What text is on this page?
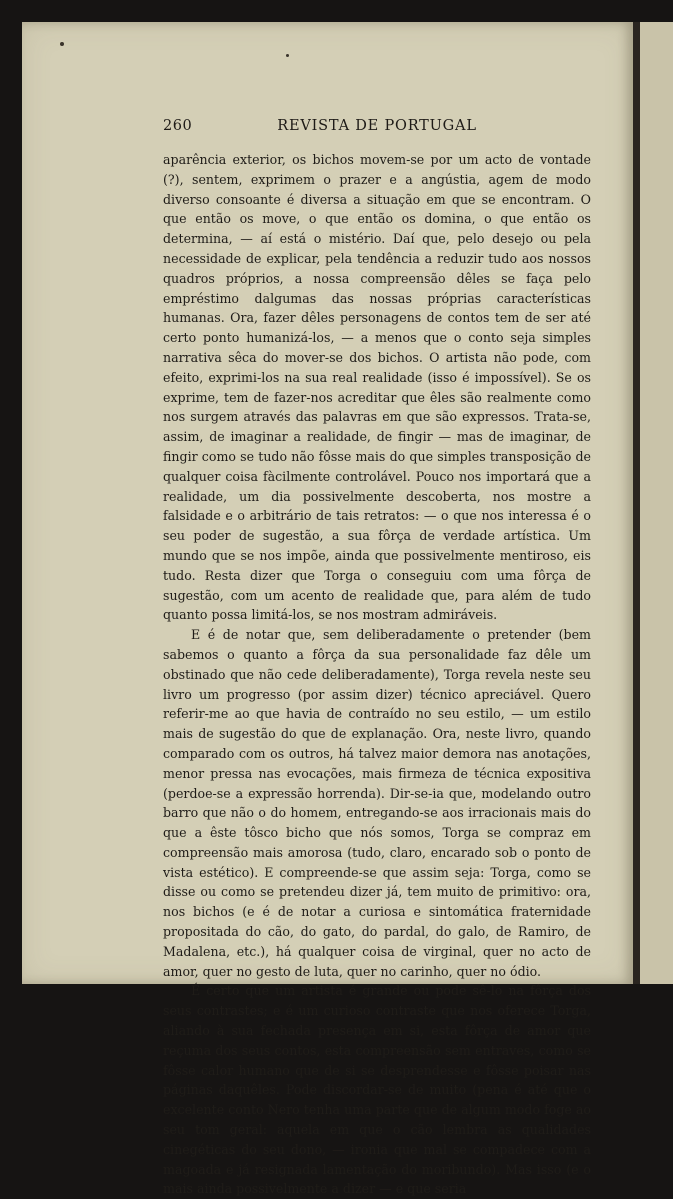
260	REVISTA DE PORTUGAL

aparência exterior, os bichos movem-se por um acto de vontade (?), sentem, exprimem o prazer e a angústia, agem de modo diverso consoante é diversa a situação em que se encontram. O que então os move, o que então os domina, o que então os determina, — aí está o mistério. Daí que, pelo desejo ou pela necessidade de explicar, pela tendência a reduzir tudo aos nossos quadros próprios, a nossa compreensão dêles se faça pelo empréstimo dalgumas das nossas próprias características humanas. Ora, fazer dêles personagens de contos tem de ser até certo ponto humanizá-los, — a menos que o conto seja simples narrativa sêca do mover-se dos bichos. O artista não pode, com efeito, exprimi-los na sua real realidade (isso é impossível). Se os exprime, tem de fazer-nos acreditar que êles são realmente como nos surgem através das palavras em que são expressos. Trata-se, assim, de imaginar a realidade, de fingir — mas de imaginar, de fingir como se tudo não fôsse mais do que simples transposição de qualquer coisa fàcilmente controlável. Pouco nos importará que a realidade, um dia possivelmente descoberta, nos mostre a falsidade e o arbitrário de tais retratos: — o que nos interessa é o seu poder de sugestão, a sua fôrça de verdade artística. Um mundo que se nos impõe, ainda que possivelmente mentiroso, eis tudo. Resta dizer que Torga o conseguiu com uma fôrça de sugestão, com um acento de realidade que, para além de tudo quanto possa limitá-los, se nos mostram admiráveis.

E é de notar que, sem deliberadamente o pretender (bem sabemos o quanto a fôrça da sua personalidade faz dêle um obstinado que não cede deliberadamente), Torga revela neste seu livro um progresso (por assim dizer) técnico apreciável. Quero referir-me ao que havia de contraído no seu estilo, — um estilo mais de sugestão do que de explanação. Ora, neste livro, quando comparado com os outros, há talvez maior demora nas anotações, menor pressa nas evocações, mais firmeza de técnica expositiva (perdoe-se a expressão horrenda). Dir-se-ia que, modelando outro barro que não o do homem, entregando-se aos irracionais mais do que a êste tôsco bicho que nós somos, Torga se compraz em compreensão mais amorosa (tudo, claro, encarado sob o ponto de vista estético). E compreende-se que assim seja: Torga, como se disse ou como se pretendeu dizer já, tem muito de primitivo: ora, nos bichos (e é de notar a curiosa e sintomática fraternidade propositada do cão, do gato, do pardal, do galo, de Ramiro, de Madalena, etc.), há qualquer coisa de virginal, quer no acto de amor, quer no gesto de luta, quer no carinho, quer no ódio.

É certo que um artista é grande ou pode sê-lo na fôrça dos seus contrastes; e é um curioso contraste que nos oferece Torga, aliando à sua fechada presença em si, esta fôrça de amor que reçuma dos seus contos, esta compreensão sem entraves, como se fôsse calor humano que de si se desprendesse e fôsse poisar nas páginas daquêles. Pode discordar-se de muito (pena é até que o excelente conto Nero tenha uma parte que de algum modo foge ao seu tom geral: aquela em que o cão lembra as qualidades cinegéticas do seu dono, — ironia que mal se compadece com a magoada e já resignada lamentação do moribundo). Mas isso (e o mais ainda possivelmente a dizer — e que seria
